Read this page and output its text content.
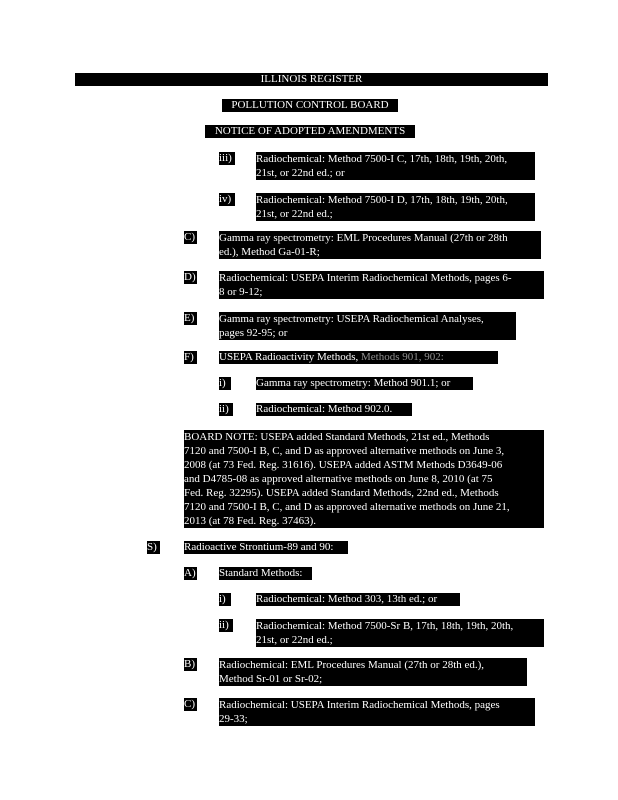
ILLINOIS REGISTER
POLLUTION CONTROL BOARD
NOTICE OF ADOPTED AMENDMENTS
iii) Radiochemical: Method 7500-I C, 17th, 18th, 19th, 20th,
21st, or 22nd ed.; or
iv)	Radiochemical: Method 7500-I D, 17th, 18th, 19th, 20th,
21st, or 22nd ed.;
C) Gamma ray spectrometry: EML Procedures Manual (27th or 28th
ed.), Method Ga-01-R;
D) Radiochemical: USEPA Interim Radiochemical Methods, pages 6-
8 or 9-12;
E) Gamma ray spectrometry: USEPA Radiochemical Analyses,
pages 92-95; or
F) USEPA Radioactivity Methods, Methods 901, 902:
i)	Gamma ray spectrometry: Method 901.1; or
ii)	Radiochemical: Method 902.0.
BOARD NOTE: USEPA added Standard Methods, 21st ed., Methods
7120 and 7500-I B, C, and D as approved alternative methods on June 3,
2008 (at 73 Fed. Reg. 31616). USEPA added ASTM Methods D3649-06
and D4785-08 as approved alternative methods on June 8, 2010 (at 75
Fed. Reg. 32295). USEPA added Standard Methods, 22nd ed., Methods
7120 and 7500-I B, C, and D as approved alternative methods on June 21,
2013 (at 78 Fed. Reg. 37463).
S) Radioactive Strontium-89 and 90:
A) Standard Methods:
i)	Radiochemical: Method 303, 13th ed.; or
ii)	Radiochemical: Method 7500-Sr B, 17th, 18th, 19th, 20th,
21st, or 22nd ed.;
B) Radiochemical: EML Procedures Manual (27th or 28th ed.),
Method Sr-01 or Sr-02;
C) Radiochemical: USEPA Interim Radiochemical Methods, pages
29-33;
